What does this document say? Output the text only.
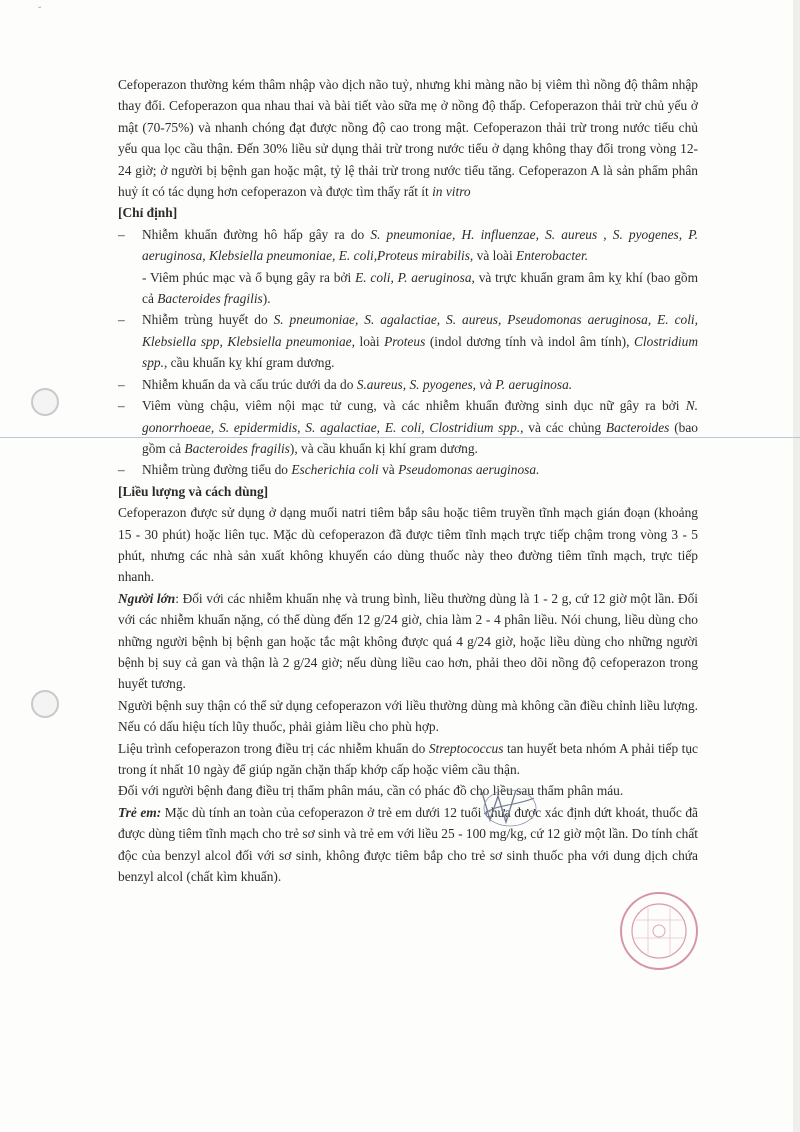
ˇ

Cefoperazon thường kém thâm nhập vào dịch não tuỷ, nhưng khi màng não bị viêm thì nồng độ thâm nhập thay đổi. Cefoperazon qua nhau thai và bài tiết vào sữa mẹ ở nồng độ thấp. Cefoperazon thải trừ chủ yếu ở mật (70-75%) và nhanh chóng đạt được nồng độ cao trong mật. Cefoperazon thải trừ trong nước tiểu chủ yếu qua lọc cầu thận. Đến 30% liều sử dụng thải trừ trong nước tiểu ở dạng không thay đổi trong vòng 12-24 giờ; ở người bị bệnh gan hoặc mật, tỷ lệ thải trừ trong nước tiểu tăng. Cefoperazon A là sản phẩm phân huỷ ít có tác dụng hơn cefoperazon và được tìm thấy rất ít in vitro

[Chỉ định]

– Nhiễm khuẩn đường hô hấp gây ra do S. pneumoniae, H. influenzae, S. aureus , S. pyogenes, P. aeruginosa, Klebsiella pneumoniae, E. coli,Proteus mirabilis, và loài Enterobacter.
- Viêm phúc mạc và ổ bụng gây ra bởi E. coli, P. aeruginosa, và trực khuẩn gram âm kỵ khí (bao gồm cả Bacteroides fragilis).
– Nhiễm trùng huyết do S. pneumoniae, S. agalactiae, S. aureus, Pseudomonas aeruginosa, E. coli, Klebsiella spp, Klebsiella pneumoniae, loài Proteus (indol dương tính và indol âm tính), Clostridium spp., cầu khuẩn kỵ khí gram dương.
– Nhiễm khuẩn da và cấu trúc dưới da do S.aureus, S. pyogenes, và P. aeruginosa.
– Viêm vùng chậu, viêm nội mạc tử cung, và các nhiễm khuẩn đường sinh dục nữ gây ra bởi N. gonorrhoeae, S. epidermidis, S. agalactiae, E. coli, Clostridium spp., và các chủng Bacteroides (bao gồm cả Bacteroides fragilis), và cầu khuẩn kị khí gram dương.
– Nhiễm trùng đường tiểu do Escherichia coli và Pseudomonas aeruginosa.

[Liều lượng và cách dùng]

Cefoperazon được sử dụng ở dạng muối natri tiêm bắp sâu hoặc tiêm truyền tĩnh mạch gián đoạn (khoảng 15 - 30 phút) hoặc liên tục. Mặc dù cefoperazon đã được tiêm tĩnh mạch trực tiếp chậm trong vòng 3 - 5 phút, nhưng các nhà sản xuất không khuyến cáo dùng thuốc này theo đường tiêm tĩnh mạch, trực tiếp nhanh.

Người lớn: Đối với các nhiễm khuẩn nhẹ và trung bình, liều thường dùng là 1 - 2 g, cứ 12 giờ một lần. Đối với các nhiễm khuẩn nặng, có thể dùng đến 12 g/24 giờ, chia làm 2 - 4 phân liều. Nói chung, liều dùng cho những người bệnh bị bệnh gan hoặc tắc mật không được quá 4 g/24 giờ, hoặc liều dùng cho những người bệnh bị suy cả gan và thận là 2 g/24 giờ; nếu dùng liều cao hơn, phải theo dõi nồng độ cefoperazon trong huyết tương.

Người bệnh suy thận có thể sử dụng cefoperazon với liều thường dùng mà không cần điều chỉnh liều lượng. Nếu có dấu hiệu tích lũy thuốc, phải giảm liều cho phù hợp.

Liệu trình cefoperazon trong điều trị các nhiễm khuẩn do Streptococcus tan huyết beta nhóm A phải tiếp tục trong ít nhất 10 ngày để giúp ngăn chặn thấp khớp cấp hoặc viêm cầu thận.

Đối với người bệnh đang điều trị thẩm phân máu, cần có phác đồ cho liều sau thẩm phân máu.

Trẻ em: Mặc dù tính an toàn của cefoperazon ở trẻ em dưới 12 tuổi chưa được xác định dứt khoát, thuốc đã được dùng tiêm tĩnh mạch cho trẻ sơ sinh và trẻ em với liều 25 - 100 mg/kg, cứ 12 giờ một lần. Do tính chất độc của benzyl alcol đối với sơ sinh, không được tiêm bắp cho trẻ sơ sinh thuốc pha với dung dịch chứa benzyl alcol (chất kìm khuẩn).
